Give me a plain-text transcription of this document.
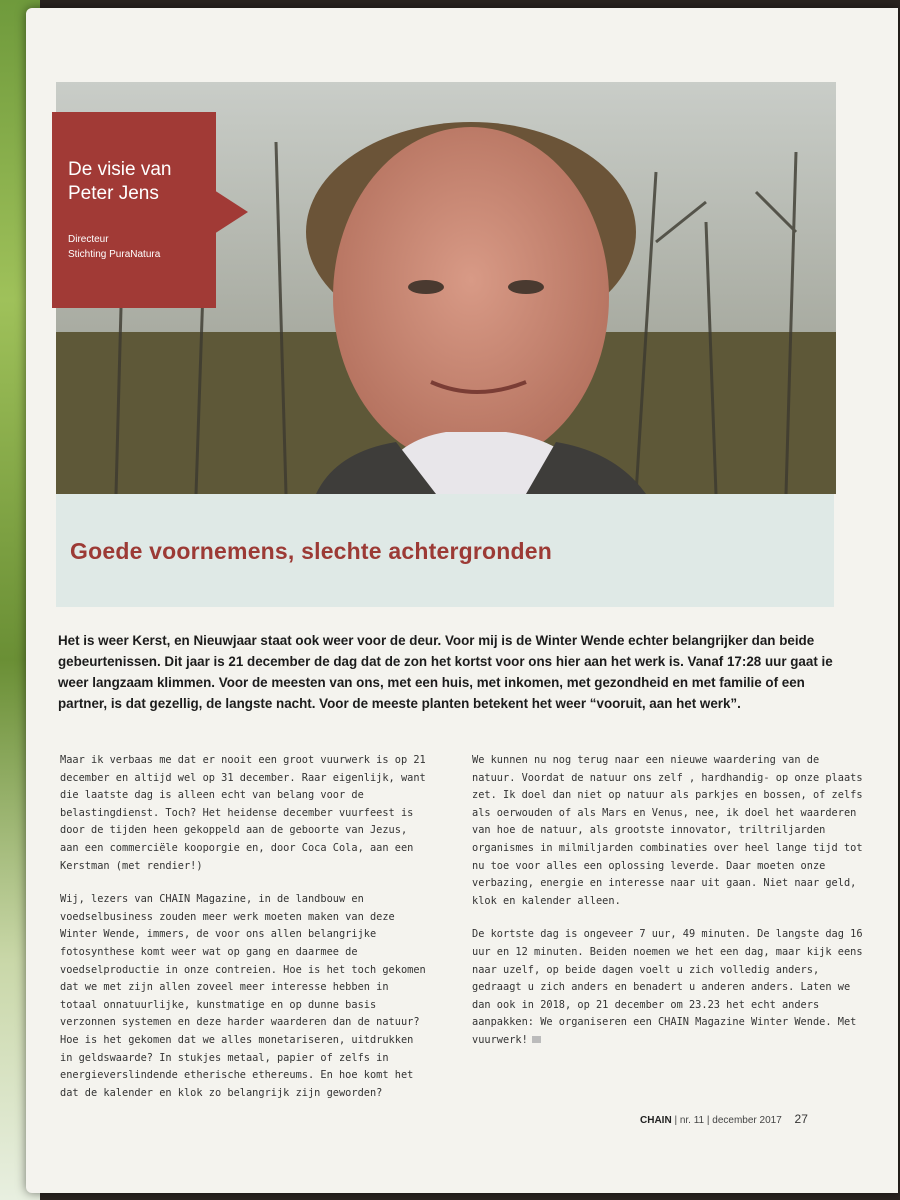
De visie van
Peter Jens
Directeur
Stichting PuraNatura
Goede voornemens, slechte achtergronden
Het is weer Kerst, en Nieuwjaar staat ook weer voor de deur. Voor mij is de Winter Wende echter belangrijker dan beide gebeurtenissen. Dit jaar is 21 december de dag dat de zon het kortst voor ons hier aan het werk is. Vanaf 17:28 uur gaat ie weer langzaam klimmen. Voor de meesten van ons, met een huis, met inkomen, met gezondheid en met familie of een partner, is dat gezellig, de langste nacht. Voor de meeste planten betekent het weer “vooruit, aan het werk”.

Maar ik verbaas me dat er nooit een groot vuurwerk is op 21 december en altijd wel op 31 december. Raar eigenlijk, want die laatste dag is alleen echt van belang voor de belastingdienst. Toch? Het heidense december vuurfeest is door de tijden heen gekoppeld aan de geboorte van Jezus, aan een commerciële kooporgie en, door Coca Cola, aan een Kerstman (met rendier!)

Wij, lezers van CHAIN Magazine, in de landbouw en voedselbusiness zouden meer werk moeten maken van deze Winter Wende, immers, de voor ons allen belangrijke fotosynthese komt weer wat op gang en daarmee de voedselproductie in onze contreien. Hoe is het toch gekomen dat we met zijn allen zoveel meer interesse hebben in totaal onnatuurlijke, kunstmatige en op dunne basis verzonnen systemen en deze harder waarderen dan de natuur? Hoe is het gekomen dat we alles monetariseren, uitdrukken in geldswaarde? In stukjes metaal, papier of zelfs in energieverslindende etherische ethereums. En hoe komt het dat de kalender en klok zo belangrijk zijn geworden?

We kunnen nu nog terug naar een nieuwe waardering van de natuur. Voordat de natuur ons zelf , hardhandig- op onze plaats zet. Ik doel dan niet op natuur als parkjes en bossen, of zelfs als oerwouden of als Mars en Venus, nee, ik doel het waarderen van hoe de natuur, als grootste innovator, triltriljarden organismes in milmiljarden combinaties over heel lange tijd tot nu toe voor alles een oplossing leverde. Daar moeten onze verbazing, energie en interesse naar uit gaan. Niet naar geld, klok en kalender alleen.

De kortste dag is ongeveer 7 uur, 49 minuten. De langste dag 16 uur en 12 minuten. Beiden noemen we het een dag, maar kijk eens naar uzelf, op beide dagen voelt u zich volledig anders, gedraagt u zich anders en benadert u anderen anders. Laten we dan ook in 2018, op 21 december om 23.23 het echt anders aanpakken: We organiseren een CHAIN Magazine Winter Wende. Met vuurwerk!

CHAIN | nr. 11 | december 2017 27
